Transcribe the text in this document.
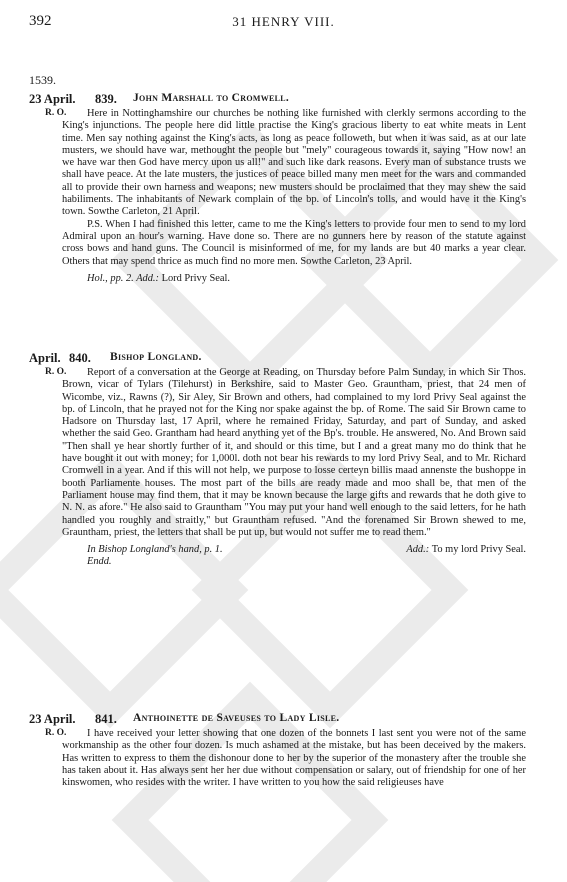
392	31 HENRY VIII.
1539.
23 April. 839. John Marshall to Cromwell.
R. O.	Here in Nottinghamshire our churches be nothing like furnished with clerkly sermons according to the King's injunctions. The people here did little practise the King's gracious liberty to eat white meats in Lent time. Men say nothing against the King's acts, as long as peace followeth, but when it was said, as at our late musters, we should have war, methought the people but "mely" courageous towards it, saying "How now! an we have war then God have mercy upon us all!" and such like dark reasons. Every man of substance trusts we shall have peace. At the late musters, the justices of peace billed many men meet for the wars and commanded all to provide their own harness and weapons; new musters should be proclaimed that they may shew the said habiliments. The inhabitants of Newark complain of the bp. of Lincoln's tolls, and would have it the King's town. Sowthe Carleton, 21 April.

P.S. When I had finished this letter, came to me the King's letters to provide four men to send to my lord Admiral upon an hour's warning. Have done so. There are no gunners here by reason of the statute against cross bows and hand guns. The Council is misinformed of me, for my lands are but 40 marks a year clear. Others that may spend thrice as much find no more men. Sowthe Carleton, 23 April.

Hol., pp. 2. Add.: Lord Privy Seal.

April. 840. Bishop Longland.
R. O.	Report of a conversation at the George at Reading, on Thursday before Palm Sunday, in which Sir Thos. Brown, vicar of Tylars (Tilehurst) in Berkshire, said to Master Geo. Grauntham, priest, that 24 men of Wicombe, viz., Rawns (?), Sir Aley, Sir Brown and others, had complained to my lord Privy Seal against the bp. of Lincoln, that he prayed not for the King nor spake against the bp. of Rome. The said Sir Brown came to Hadsore on Thursday last, 17 April, where he remained Friday, Saturday, and part of Sunday, and asked whether the said Geo. Grantham had heard anything yet of the Bp's. trouble. He answered, No. And Brown said "Then shall ye hear shortly further of it, and should or this time, but I and a great many mo do think that he have bought it out with money; for 1,000l. doth not bear his rewards to my lord Privy Seal, and to Mr. Richard Cromwell in a year. And if this will not help, we purpose to losse certeyn billis maad annenste the bushoppe in booth Parliamente houses. The most part of the bills are ready made and moo shall be, that men of the Parliament house may find them, that it may be known because the large gifts and rewards that he doth give to N. N. as afore." He also said to Grauntham "You may put your hand well enough to the said letters, for he hath handled you roughly and straitly," but Grauntham refused. "And the forenamed Sir Brown shewed to me, Grauntham, priest, the letters that shall be put up, but would not suffer me to read them."

In Bishop Longland's hand, p. 1.	Add.: To my lord Privy Seal.

Endd.

23 April. 841. Anthoinette de Saveuses to Lady Lisle.
R. O.	I have received your letter showing that one dozen of the bonnets I last sent you were not of the same workmanship as the other four dozen. Is much ashamed at the mistake, but has been deceived by the makers. Has written to express to them the dishonour done to her by the superior of the monastery after the trouble she has taken about it. Has always sent her her due without compensation or salary, out of friendship for one of her kinswomen, who resides with the writer. I have written to you how the said religieuses have
